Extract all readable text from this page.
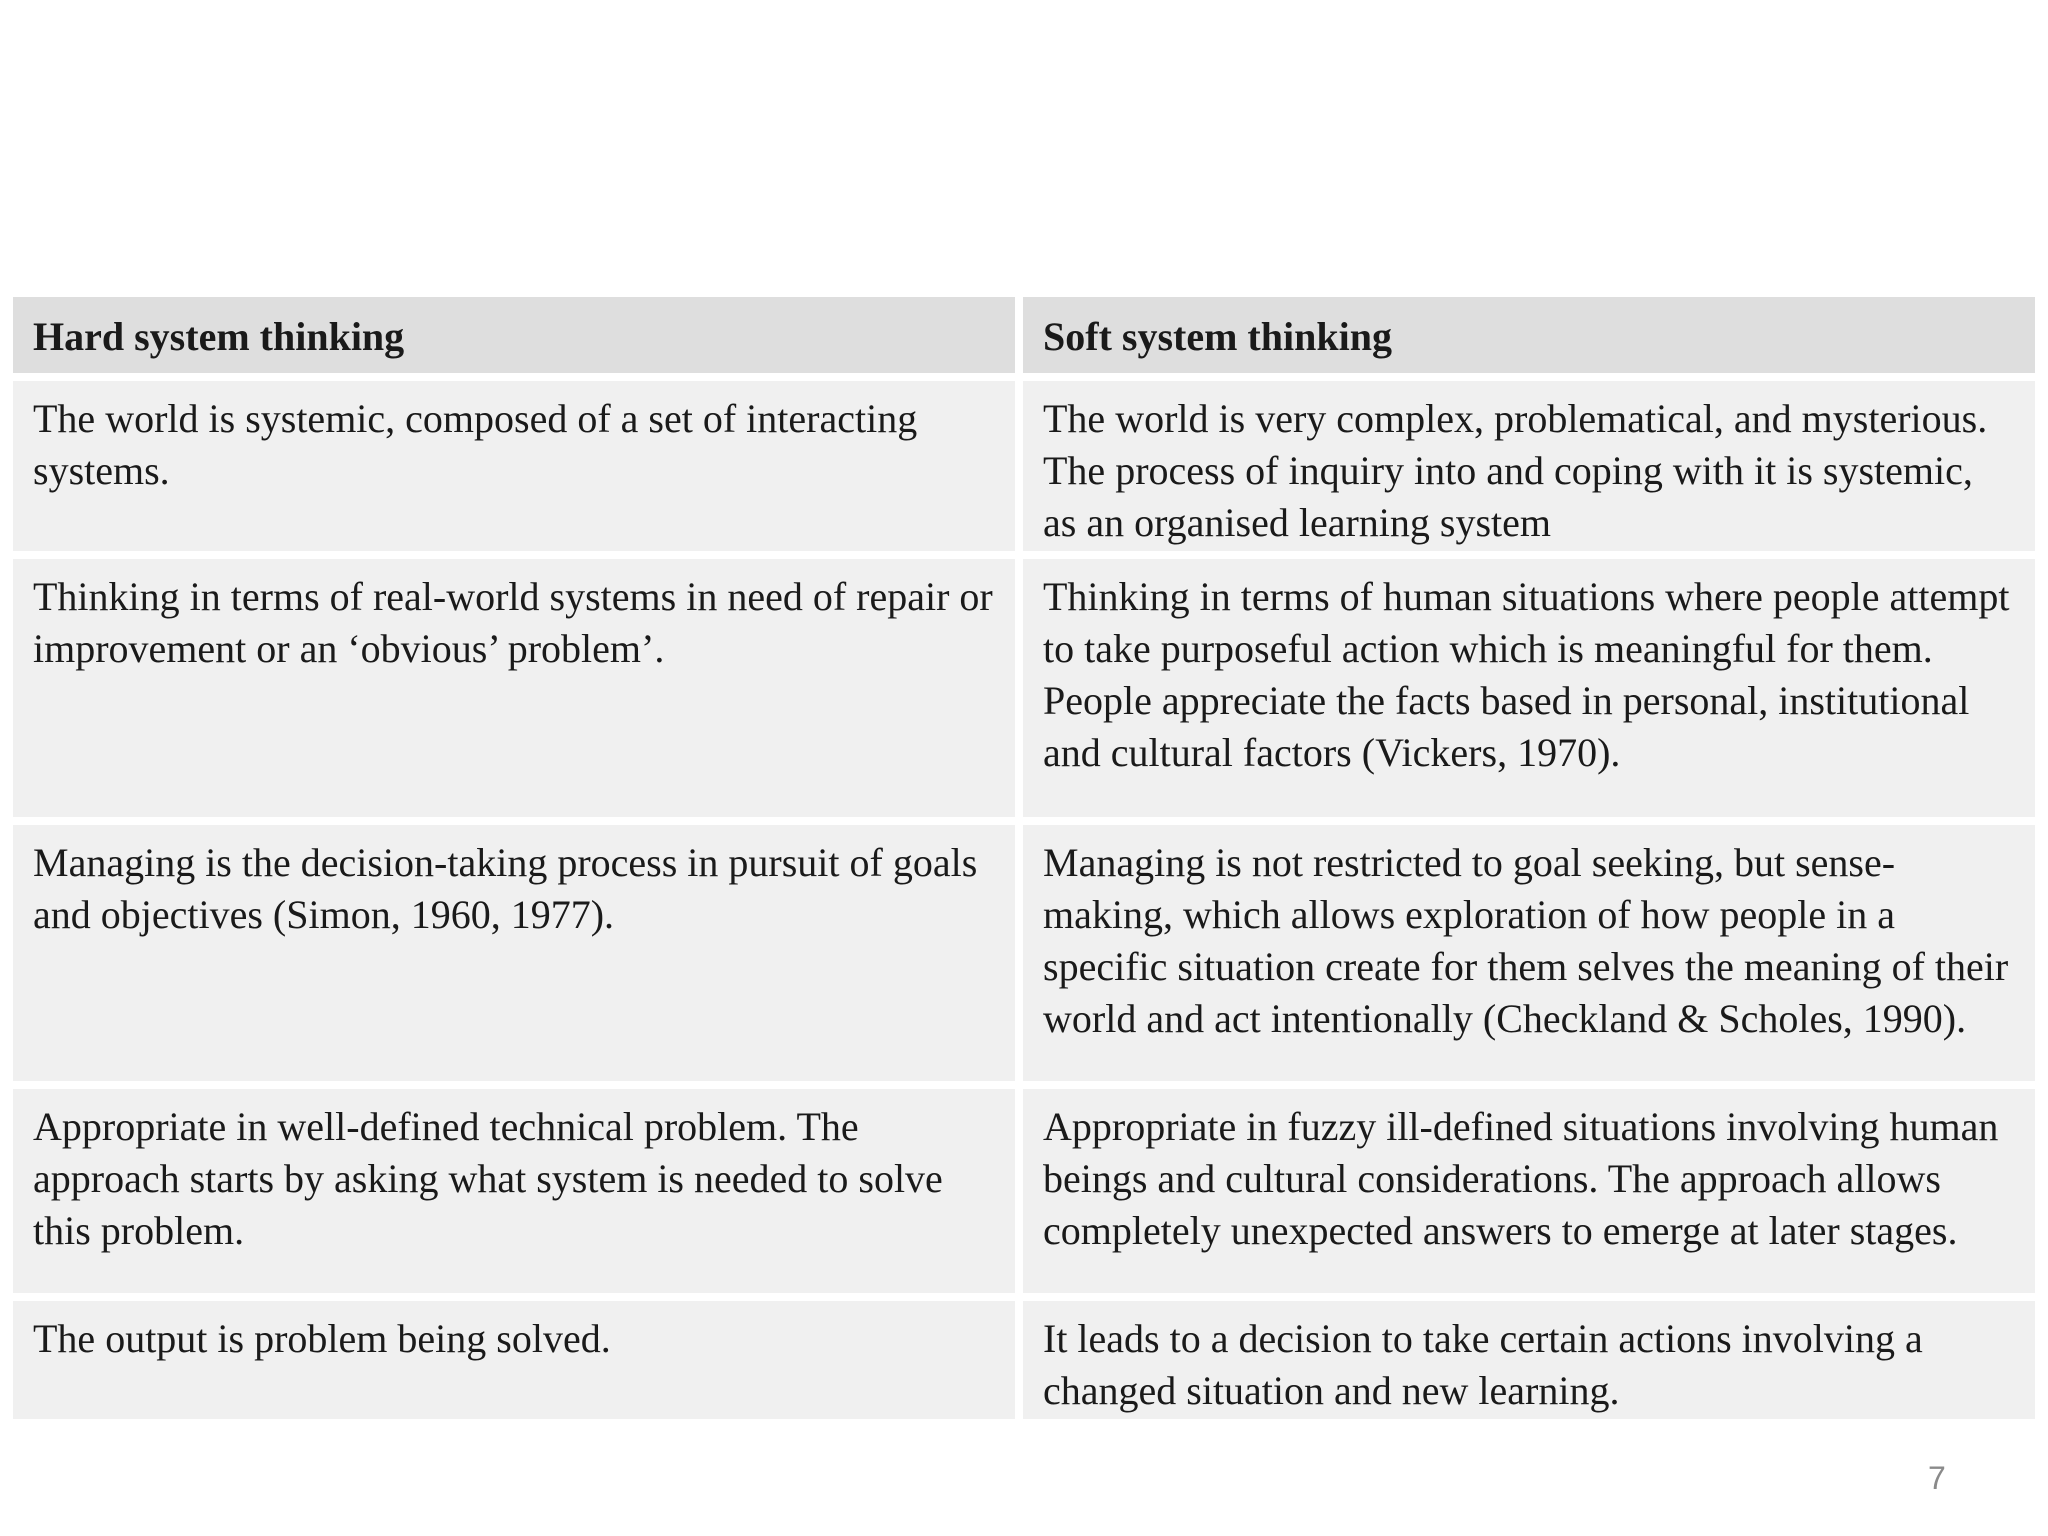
Hard system thinking	Soft system thinking
The world is systemic, composed of a set of interacting systems.	The world is very complex, problematical, and mysterious. The process of inquiry into and coping with it is systemic, as an organised learning system
Thinking in terms of real-world systems in need of repair or improvement or an ‘obvious’ problem’.	Thinking in terms of human situations where people attempt to take purposeful action which is meaningful for them. People appreciate the facts based in personal, institutional and cultural factors (Vickers, 1970).
Managing is the decision-taking process in pursuit of goals and objectives (Simon, 1960, 1977).	Managing is not restricted to goal seeking, but sense-making, which allows exploration of how people in a specific situation create for them selves the meaning of their world and act intentionally (Checkland & Scholes, 1990).
Appropriate in well-defined technical problem. The approach starts by asking what system is needed to solve this problem.	Appropriate in fuzzy ill-defined situations involving human beings and cultural considerations. The approach allows completely unexpected answers to emerge at later stages.
The output is problem being solved.	It leads to a decision to take certain actions involving a changed situation and new learning.
7
